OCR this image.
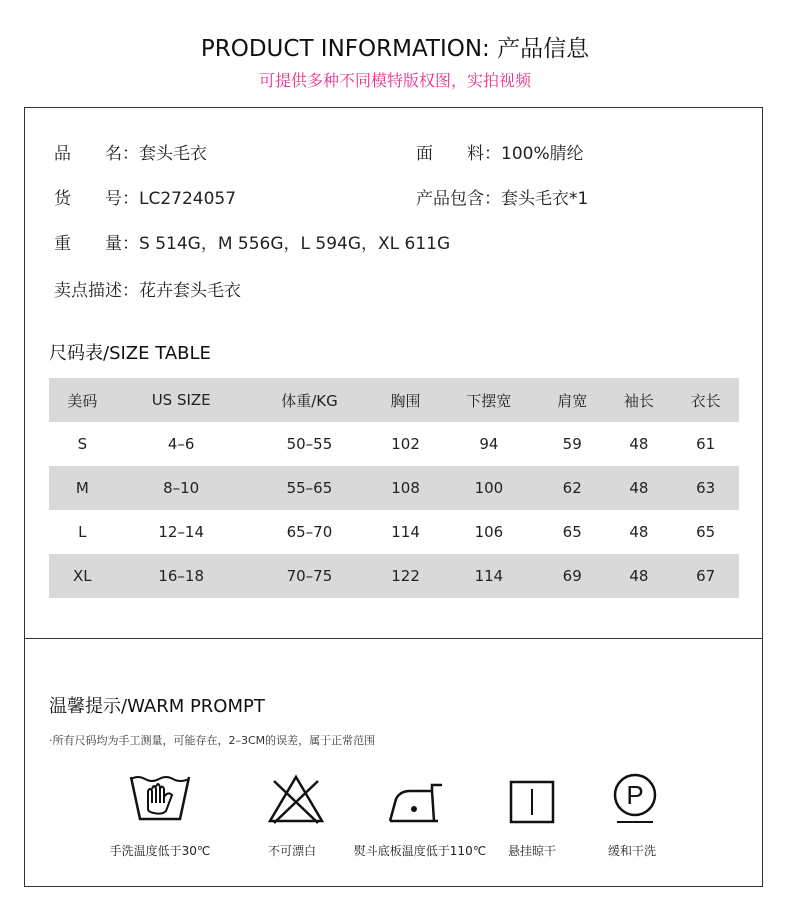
PRODUCT INFORMATION: 产品信息
可提供多种不同模特版权图，实拍视频
品　　名：套头毛衣	面　　料：100%腈纶
货　　号：LC2724057	产品包含：套头毛衣*1
重　　量：S 514G，M 556G，L 594G，XL 611G
卖点描述：花卉套头毛衣
尺码表/SIZE TABLE
美码	US SIZE	体重/KG	胸围	下摆宽	肩宽	袖长	衣长
S	4–6	50–55	102	94	59	48	61
M	8–10	55–65	108	100	62	48	63
L	12–14	65–70	114	106	65	48	65
XL	16–18	70–75	122	114	69	48	67
温馨提示/WARM PROMPT
·所有尺码均为手工测量，可能存在，2–3CM的误差，属于正常范围
P
手洗温度低于30℃	不可漂白	熨斗底板温度低于110℃	悬挂晾干	缓和干洗
